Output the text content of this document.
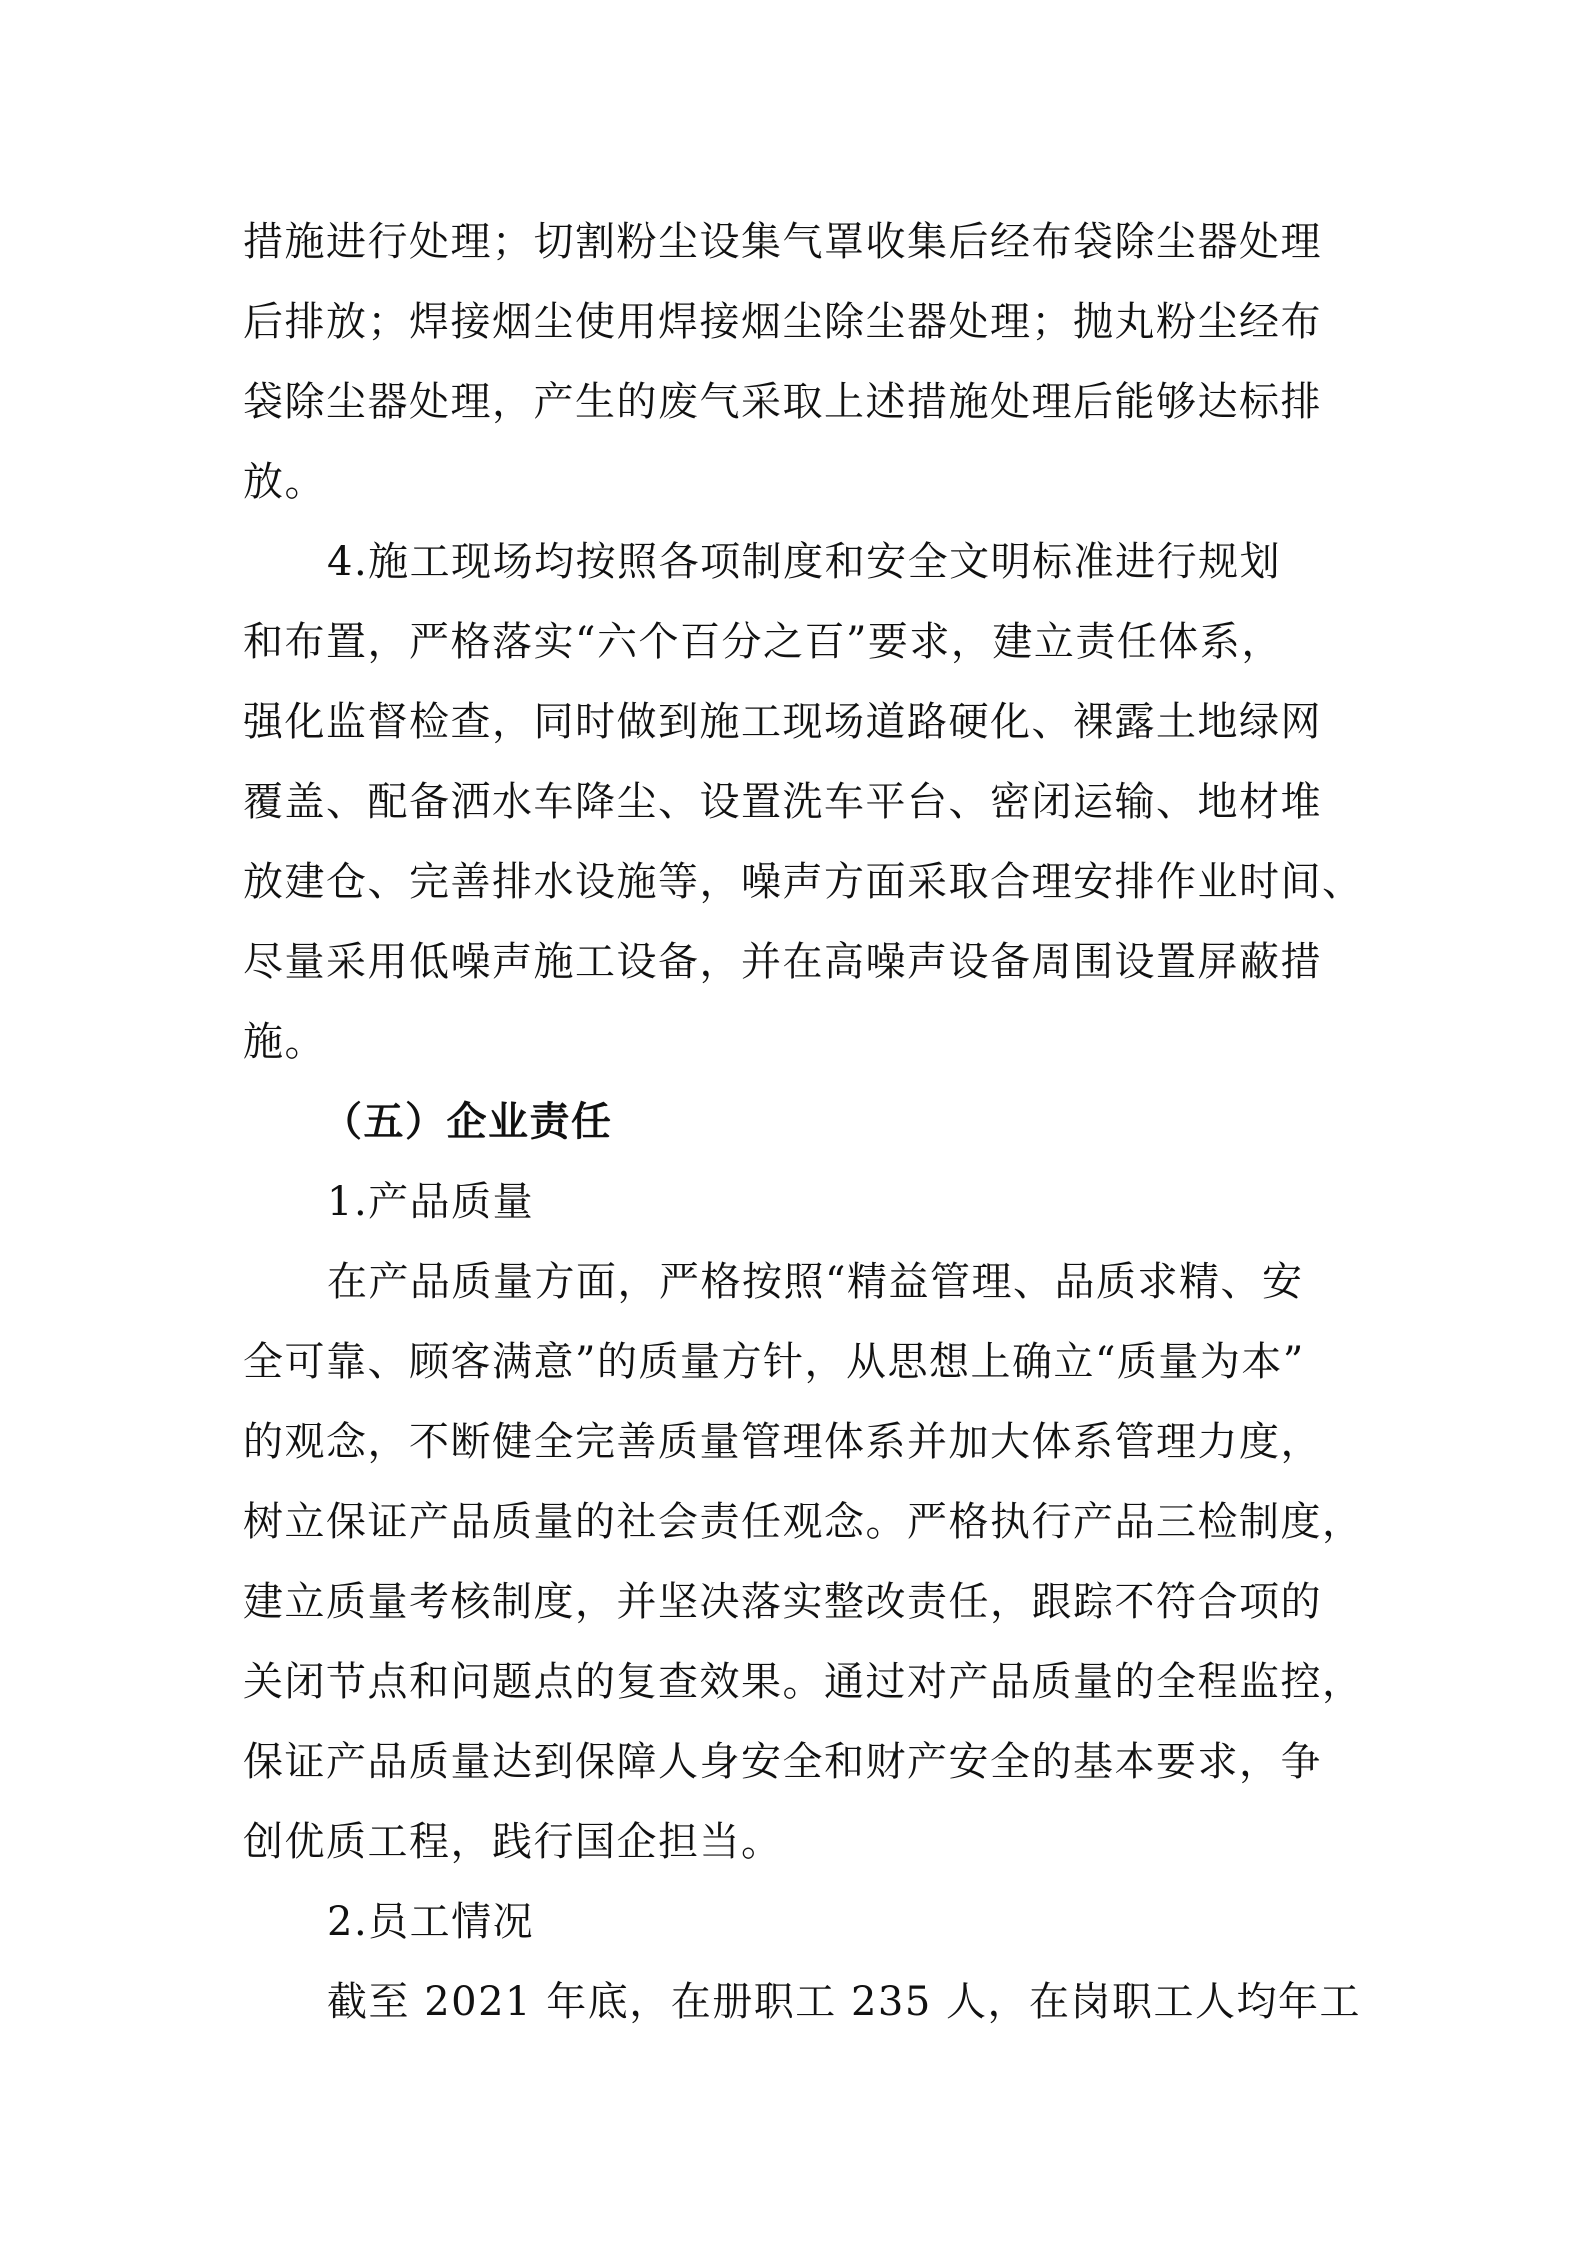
措施进行处理；切割粉尘设集气罩收集后经布袋除尘器处理
后排放；焊接烟尘使用焊接烟尘除尘器处理；抛丸粉尘经布
袋除尘器处理，产生的废气采取上述措施处理后能够达标排
放。
4.施工现场均按照各项制度和安全文明标准进行规划
和布置，严格落实“六个百分之百”要求，建立责任体系，
强化监督检查，同时做到施工现场道路硬化、裸露土地绿网
覆盖、配备洒水车降尘、设置洗车平台、密闭运输、地材堆
放建仓、完善排水设施等，噪声方面采取合理安排作业时间、
尽量采用低噪声施工设备，并在高噪声设备周围设置屏蔽措
施。
（五）企业责任
1.产品质量
在产品质量方面，严格按照“精益管理、品质求精、安
全可靠、顾客满意”的质量方针，从思想上确立“质量为本”
的观念，不断健全完善质量管理体系并加大体系管理力度，
树立保证产品质量的社会责任观念。严格执行产品三检制度，
建立质量考核制度，并坚决落实整改责任，跟踪不符合项的
关闭节点和问题点的复查效果。通过对产品质量的全程监控，
保证产品质量达到保障人身安全和财产安全的基本要求，争
创优质工程，践行国企担当。
2.员工情况
截至 2021 年底，在册职工 235 人，在岗职工人均年工
